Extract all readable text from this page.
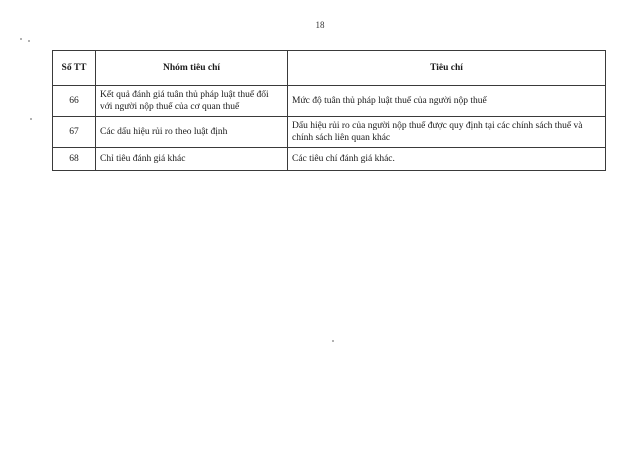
18
Số TT	Nhóm tiêu chí	Tiêu chí
66	Kết quả đánh giá tuân thủ pháp luật thuế đối với người nộp thuế của cơ quan thuế	Mức độ tuân thủ pháp luật thuế của người nộp thuế
67	Các dấu hiệu rủi ro theo luật định	Dấu hiệu rủi ro của người nộp thuế được quy định tại các chính sách thuế và chính sách liên quan khác
68	Chỉ tiêu đánh giá khác	Các tiêu chí đánh giá khác.
